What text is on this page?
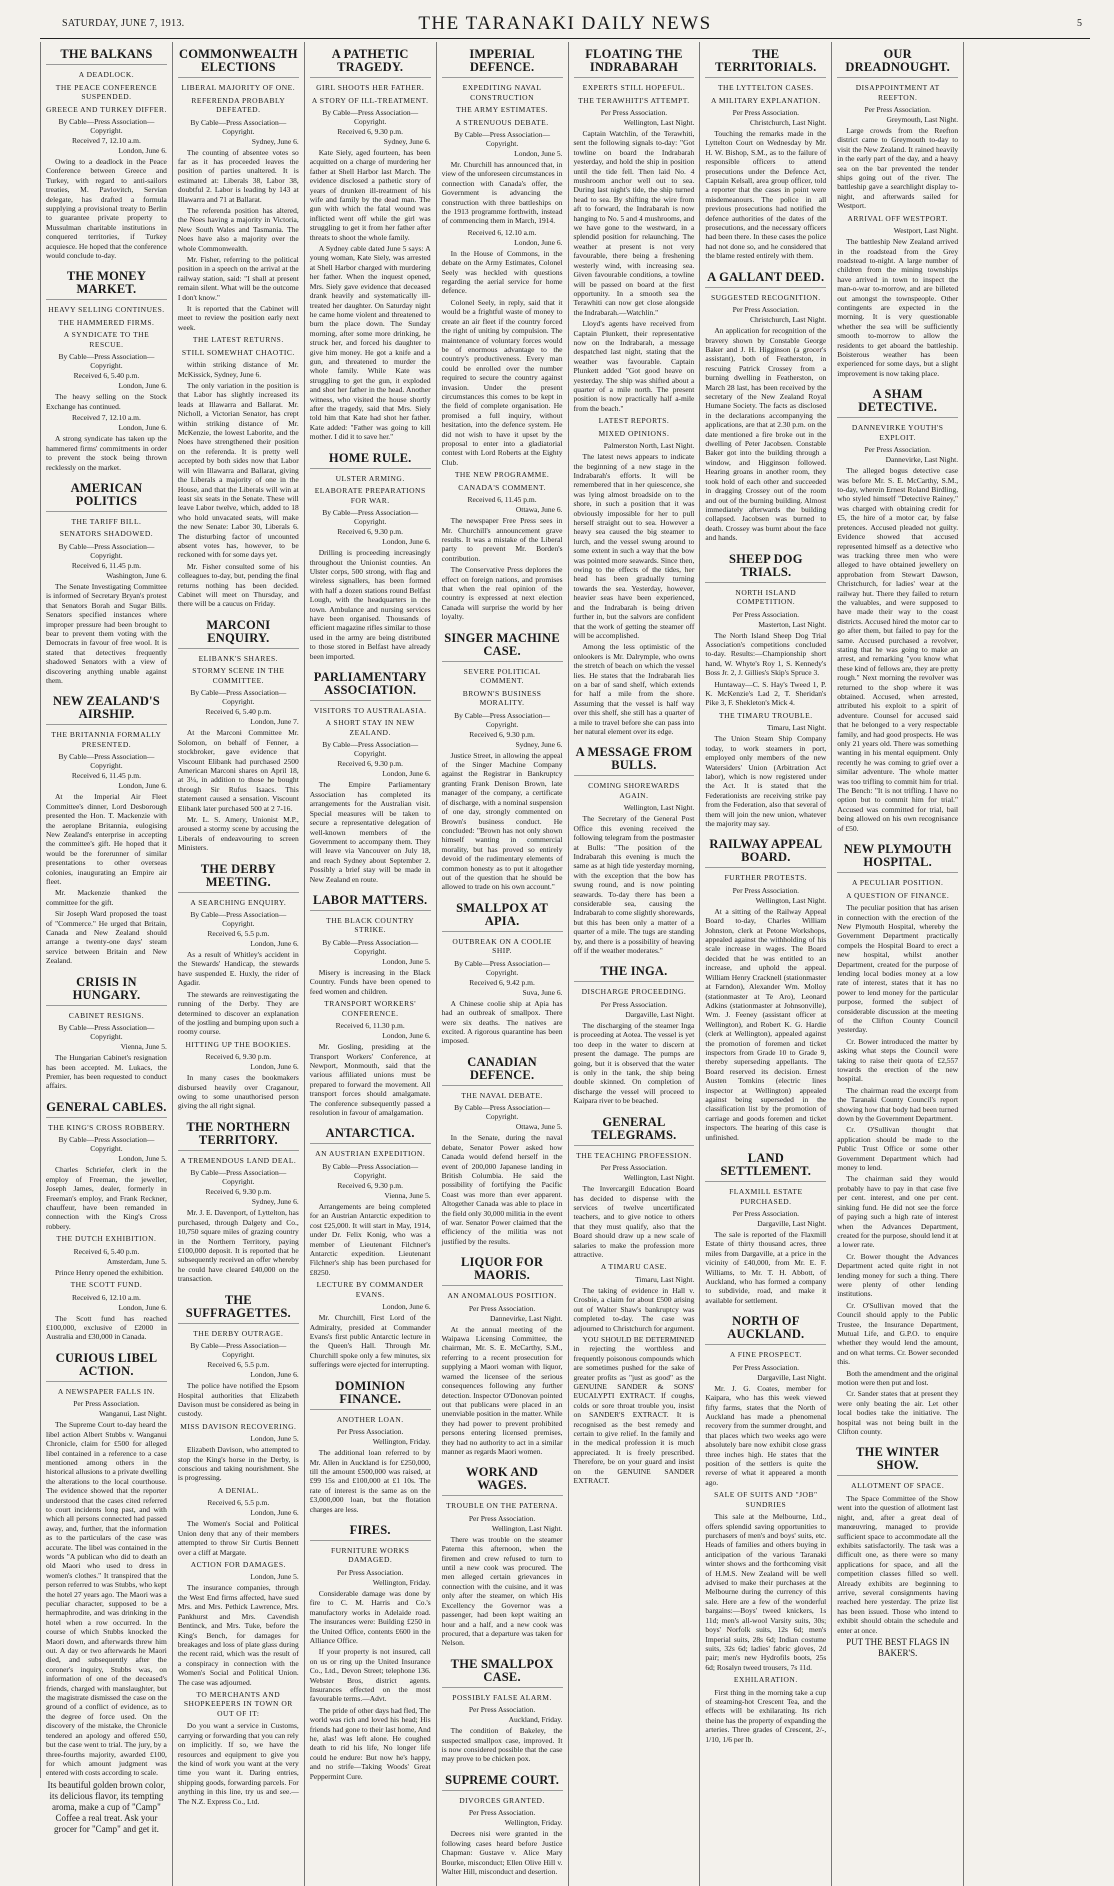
SATURDAY, JUNE 7, 1913.	THE TARANAKI DAILY NEWS	5
THE BALKANS
A DEADLOCK.
THE PEACE CONFERENCE SUSPENDED.
GREECE AND TURKEY DIFFER.
By Cable—Press Association—Copyright.
Received 7, 12.10 a.m.
London, June 6.
Owing to a deadlock in the Peace Conference between Greece and Turkey, with regard to anti-sailors treaties, M. Pavlovitch, Servian delegate, has drafted a formula supplying a provisional treaty to Berlin to guarantee private property to Mussulman charitable institutions in conquered territories, if Turkey acquiesce. He hoped that the conference would conclude to-day.
THE MONEY MARKET.
HEAVY SELLING CONTINUES.
THE HAMMERED FIRMS.
A SYNDICATE TO THE RESCUE.
By Cable—Press Association—Copyright.
Received 6, 5.40 p.m.
London, June 6.
The heavy selling on the Stock Exchange has continued.
Received 7, 12.10 a.m.
London, June 6.
A strong syndicate has taken up the hammered firms' commitments in order to prevent the stock being thrown recklessly on the market.
AMERICAN POLITICS
THE TARIFF BILL.
SENATORS SHADOWED.
By Cable—Press Association—Copyright.
Received 6, 11.45 p.m.
Washington, June 6.
The Senate Investigating Committee is informed of Secretary Bryan's protest that Senators Borah and Sugar Bills. Senators specified instances where improper pressure had been brought to bear to prevent them voting with the Democrats in favour of free wool. It is stated that detectives frequently shadowed Senators with a view of discovering anything unable against them.
NEW ZEALAND'S AIRSHIP.
THE BRITANNIA FORMALLY PRESENTED.
By Cable—Press Association—Copyright.
Received 6, 11.45 p.m.
London, June 6.
At the Imperial Air Fleet Committee's dinner, Lord Desborough presented the Hon. T. Mackenzie with the aeroplane Britannia, eulogising New Zealand's enterprise in accepting the committee's gift. He hoped that it would be the forerunner of similar presentations to other overseas colonies, inaugurating an Empire air fleet.
Mr. Mackenzie thanked the committee for the gift.
Sir Joseph Ward proposed the toast of "Commerce." He urged that Britain, Canada and New Zealand should arrange a twenty-one days' steam service between Britain and New Zealand.
CRISIS IN HUNGARY.
CABINET RESIGNS.
By Cable—Press Association—Copyright.
Vienna, June 5.
The Hungarian Cabinet's resignation has been accepted. M. Lukacs, the Premier, has been requested to conduct affairs.
GENERAL CABLES.
THE KING'S CROSS ROBBERY.
By Cable—Press Association—Copyright.
London, June 5.
Charles Schriefer, clerk in the employ of Freeman, the jeweller, Joseph James, dealer, formerly in Freeman's employ, and Frank Reckner, chauffeur, have been remanded in connection with the King's Cross robbery.
THE DUTCH EXHIBITION.
Received 6, 5.40 p.m.
Amsterdam, June 5.
Prince Henry opened the exhibition.
THE SCOTT FUND.
Received 6, 12.10 a.m.
London, June 6.
The Scott fund has reached £100,000, exclusive of £2000 in Australia and £30,000 in Canada.
CURIOUS LIBEL ACTION.
A NEWSPAPER FALLS IN.
Per Press Association.
Wanganui, Last Night.
The Supreme Court to-day heard the libel action Albert Stubbs v. Wanganui Chronicle, claim for £500 for alleged libel contained in a reference to a case mentioned among others in the historical allusions to a private dwelling the alterations to the local courthouse. The evidence showed that the reporter understood that the cases cited referred to court incidents long past, and with which all persons connected had passed away, and, further, that the information as to the particulars of the case was accurate. The libel was contained in the words "A publican who did to death an old Maori who used to dress in women's clothes." It transpired that the person referred to was Stubbs, who kept the hotel 27 years ago. The Maori was a peculiar character, supposed to be a hermaphrodite, and was drinking in the hotel when a row occurred. In the course of which Stubbs knocked the Maori down, and afterwards threw him out. A day or two afterwards he Maori died, and subsequently after the coroner's inquiry, Stubbs was, on information of one of the deceased's friends, charged with manslaughter, but the magistrate dismissed the case on the ground of a conflict of evidence, as to the degree of force used. On the discovery of the mistake, the Chronicle tendered an apology and offered £50, but the case went to trial. The jury, by a three-fourths majority, awarded £100, for which amount judgment was entered with costs according to scale.
Its beautiful golden brown color, its delicious flavor, its tempting aroma, make a cup of "Camp" Coffee a real treat. Ask your grocer for "Camp" and get it.
COMMONWEALTH ELECTIONS
LIBERAL MAJORITY OF ONE.
REFERENDA PROBABLY DEFEATED.
By Cable—Press Association—Copyright.
Sydney, June 6.
The counting of absentee votes so far as it has proceeded leaves the position of parties unaltered. It is estimated at: Liberals 38, Labor 38, doubtful 2. Labor is leading by 143 at Illawarra and 71 at Ballarat.
The referenda position has altered, the Noes having a majority in Victoria, New South Wales and Tasmania. The Noes have also a majority over the whole Commonwealth.
Mr. Fisher, referring to the political position in a speech on the arrival at the railway station, said: "I shall at present remain silent. What will be the outcome I don't know."
It is reported that the Cabinet will meet to review the position early next week.
THE LATEST RETURNS.
STILL SOMEWHAT CHAOTIC.
within striking distance of Mr. McKissick, Sydney, June 6.
The only variation in the position is that Labor has slightly increased its leads at Illawarra and Ballarat. Mr. Nicholl, a Victorian Senator, has crept within striking distance of Mr. McKenzie, the lowest Laborite, and the Noes have strengthened their position on the referenda. It is pretty well accepted by both sides now that Labor will win Illawarra and Ballarat, giving the Liberals a majority of one in the House, and that the Liberals will win at least six seats in the Senate. These will leave Labor twelve, which, added to 18 who hold unvacated seats, will make the new Senate: Labor 30, Liberals 6. The disturbing factor of uncounted absent votes has, however, to be reckoned with for some days yet.
Mr. Fisher consulted some of his colleagues to-day, but, pending the final returns nothing has been decided. Cabinet will meet on Thursday, and there will be a caucus on Friday.
MARCONI ENQUIRY.
ELIBANK'S SHARES.
STORMY SCENE IN THE COMMITTEE.
By Cable—Press Association—Copyright.
Received 6, 5.40 p.m.
London, June 7.
At the Marconi Committee Mr. Solomon, on behalf of Fenner, a stockbroker, gave evidence that Viscount Elibank had purchased 2500 American Marconi shares on April 18, at 3¼, in addition to those he bought through Sir Rufus Isaacs. This statement caused a sensation. Viscount Elibank later purchased 500 at 2 7-16.
Mr. L. S. Amery, Unionist M.P., aroused a stormy scene by accusing the Liberals of endeavouring to screen Ministers.
THE DERBY MEETING.
A SEARCHING ENQUIRY.
By Cable—Press Association—Copyright.
Received 6, 5.5 p.m.
London, June 6.
As a result of Whitley's accident in the Stewards' Handicap, the stewards have suspended E. Huxly, the rider of Agadir.
The stewards are reinvestigating the running of the Derby. They are determined to discover an explanation of the jostling and bumping upon such a roomy course.
HITTING UP THE BOOKIES.
Received 6, 9.30 p.m.
London, June 6.
In many cases the bookmakers disbursed heavily over Craganour, owing to some unauthorised person giving the all right signal.
THE NORTHERN TERRITORY.
A TREMENDOUS LAND DEAL.
By Cable—Press Association—Copyright.
Received 6, 9.30 p.m.
Sydney, June 6.
Mr. J. E. Davenport, of Lyttelton, has purchased, through Dalgety and Co., 10,750 square miles of grazing country in the Northern Territory, paying £100,000 deposit. It is reported that he subsequently received an offer whereby he could have cleared £40,000 on the transaction.
THE SUFFRAGETTES.
THE DERBY OUTRAGE.
By Cable—Press Association—Copyright.
Received 6, 5.5 p.m.
London, June 6.
The police have notified the Epsom Hospital authorities that Elizabeth Davison must be considered as being in custody.
MISS DAVISON RECOVERING.
London, June 5.
Elizabeth Davison, who attempted to stop the King's horse in the Derby, is conscious and taking nourishment. She is progressing.
A DENIAL.
Received 6, 5.5 p.m.
London, June 6.
The Women's Social and Political Union deny that any of their members attempted to throw Sir Curtis Bennett over a cliff at Margate.
ACTION FOR DAMAGES.
London, June 5.
The insurance companies, through the West End firms affected, have sued Mrs. and Mrs. Pethick Lawrence, Mrs. Pankhurst and Mrs. Cavendish Bentinck, and Mrs. Tuke, before the King's Bench, for damages for breakages and loss of plate glass during the recent raid, which was the result of a conspiracy in connection with the Women's Social and Political Union. The case was adjourned.
TO MERCHANTS AND SHOPKEEPERS IN TOWN OR OUT OF IT:
Do you want a service in Customs, carrying or forwarding that you can rely on implicitly. If so, we have the resources and equipment to give you the kind of work you want at the very time you want it. Daring entries, shipping goods, forwarding parcels. For anything in this line, try us and see.—The N.Z. Express Co., Ltd.
A PATHETIC TRAGEDY.
GIRL SHOOTS HER FATHER.
A STORY OF ILL-TREATMENT.
By Cable—Press Association—Copyright.
Received 6, 9.30 p.m.
Sydney, June 6.
Kate Siely, aged fourteen, has been acquitted on a charge of murdering her father at Shell Harbor last March. The evidence disclosed a pathetic story of years of drunken ill-treatment of his wife and family by the dead man. The gun with which the fatal wound was inflicted went off while the girl was struggling to get it from her father after threats to shoot the whole family.
A Sydney cable dated June 5 says: A young woman, Kate Siely, was arrested at Shell Harbor charged with murdering her father. When the inquest opened, Mrs. Siely gave evidence that deceased drank heavily and systematically ill-treated her daughter. On Saturday night he came home violent and threatened to burn the place down. The Sunday morning, after some more drinking, he struck her, and forced his daughter to give him money. He got a knife and a gun, and threatened to murder the whole family. While Kate was struggling to get the gun, it exploded and shot her father in the head. Another witness, who visited the house shortly after the tragedy, said that Mrs. Siely told him that Kate had shot her father. Kate added: "Father was going to kill mother. I did it to save her."
HOME RULE.
ULSTER ARMING.
ELABORATE PREPARATIONS FOR WAR.
By Cable—Press Association—Copyright.
Received 6, 9.30 p.m.
London, June 6.
Drilling is proceeding increasingly throughout the Unionist counties. An Ulster corps, 500 strong, with flag and wireless signallers, has been formed with half a dozen stations round Belfast Lough, with the headquarters in the town. Ambulance and nursing services have been organised. Thousands of efficient magazine rifles similar to those used in the army are being distributed to those stored in Belfast have already been imported.
PARLIAMENTARY ASSOCIATION.
VISITORS TO AUSTRALASIA.
A SHORT STAY IN NEW ZEALAND.
By Cable—Press Association—Copyright.
Received 6, 9.30 p.m.
London, June 6.
The Empire Parliamentary Association has completed its arrangements for the Australian visit. Special measures will be taken to secure a representative delegation of well-known members of the Government to accompany them. They will leave via Vancouver on July 18, and reach Sydney about September 2. Possibly a brief stay will be made in New Zealand en route.
LABOR MATTERS.
THE BLACK COUNTRY STRIKE.
By Cable—Press Association—Copyright.
London, June 5.
Misery is increasing in the Black Country. Funds have been opened to feed women and children.
TRANSPORT WORKERS' CONFERENCE.
Received 6, 11.30 p.m.
London, June 6.
Mr. Gosling, presiding at the Transport Workers' Conference, at Newport, Monmouth, said that the various affiliated unions must be prepared to forward the movement. All transport forces should amalgamate. The conference subsequently passed a resolution in favour of amalgamation.
ANTARCTICA.
AN AUSTRIAN EXPEDITION.
By Cable—Press Association—Copyright.
Received 6, 9.30 p.m.
Vienna, June 5.
Arrangements are being completed for an Austrian Antarctic expedition to cost £25,000. It will start in May, 1914, under Dr. Felix Konig, who was a member of Lieutenant Filchner's Antarctic expedition. Lieutenant Filchner's ship has been purchased for £8250.
LECTURE BY COMMANDER EVANS.
London, June 6.
Mr. Churchill, First Lord of the Admiralty, presided at Commander Evans's first public Antarctic lecture in the Queen's Hall. Through Mr. Churchill spoke only a few minutes, six sufferings were ejected for interrupting.
DOMINION FINANCE.
ANOTHER LOAN.
Per Press Association.
Wellington, Friday.
The additional loan referred to by Mr. Allen in Auckland is for £250,000, till the amount £500,000 was raised, at £99 15s and £100,000 at £1 10s. The rate of interest is the same as on the £3,000,000 loan, but the flotation charges are less.
FIRES.
FURNITURE WORKS DAMAGED.
Per Press Association.
Wellington, Friday.
Considerable damage was done by fire to C. M. Harris and Co.'s manufactory works in Adelaide road. The insurances were: Building £250 in the United Office, contents £600 in the Alliance Office.
If your property is not insured, call on us or ring up the United Insurance Co., Ltd., Devon Street; telephone 136. Webster Bros, district agents. Insurances effected on the most favourable terms.—Advt.
The pride of other days had fled, The world was rich and loved his head; His friends had gone to their last home, And he, alas! was left alone. He coughed death to rid his life, No longer life could he endure: But now he's happy, and no strife—Taking Woods' Great Peppermint Cure.
IMPERIAL DEFENCE.
EXPEDITING NAVAL CONSTRUCTION
THE ARMY ESTIMATES.
A STRENUOUS DEBATE.
By Cable—Press Association—Copyright.
London, June 5.
Mr. Churchill has announced that, in view of the unforeseen circumstances in connection with Canada's offer, the Government is advancing the construction with three battleships on the 1913 programme forthwith, instead of commencing them in March, 1914.
Received 6, 12.10 a.m.
London, June 6.
In the House of Commons, in the debate on the Army Estimates, Colonel Seely was heckled with questions regarding the aerial service for home defence.
Colonel Seely, in reply, said that it would be a frightful waste of money to create an air fleet if the country forced the right of uniting by compulsion. The maintenance of voluntary forces would be of enormous advantage to the country's productiveness. Every man could be enrolled over the number required to secure the country against invasion. Under the present circumstances this comes to be kept in the field of complete organisation. He promised a full inquiry, without hesitation, into the defence system. He did not wish to have it upset by the proposal to enter into a gladiatorial contest with Lord Roberts at the Eighty Club.
THE NEW PROGRAMME.
CANADA'S COMMENT.
Received 6, 11.45 p.m.
Ottawa, June 6.
The newspaper Free Press sees in Mr. Churchill's announcement grave results. It was a mistake of the Liberal party to prevent Mr. Borden's contribution.
The Conservative Press deplores the effect on foreign nations, and promises that when the real opinion of the country is expressed at next election Canada will surprise the world by her loyalty.
SINGER MACHINE CASE.
SEVERE POLITICAL COMMENT.
BROWN'S BUSINESS MORALITY.
By Cable—Press Association—Copyright.
Received 6, 9.30 p.m.
Sydney, June 6.
Justice Street, in allowing the appeal of the Singer Machine Company against the Registrar in Bankruptcy granting Frank Denison Brown, late manager of the company, a certificate of discharge, with a nominal suspension of one day, strongly commented on Brown's business conduct. He concluded: "Brown has not only shown himself wanting in commercial morality, but has proved so entirely devoid of the rudimentary elements of common honesty as to put it altogether out of the question that he should be allowed to trade on his own account."
SMALLPOX AT APIA.
OUTBREAK ON A COOLIE SHIP.
By Cable—Press Association—Copyright.
Received 6, 9.42 p.m.
Suva, June 6.
A Chinese coolie ship at Apia has had an outbreak of smallpox. There were six deaths. The natives are excited. A rigorous quarantine has been imposed.
CANADIAN DEFENCE.
THE NAVAL DEBATE.
By Cable—Press Association—Copyright.
Ottawa, June 5.
In the Senate, during the naval debate, Senator Power asked how Canada would defend herself in the event of 200,000 Japanese landing in British Columbia. He said the possibility of fortifying the Pacific Coast was more than ever apparent. Altogether Canada was able to place in the field only 30,000 militia in the event of war. Senator Power claimed that the efficiency of the militia was not justified by the results.
LIQUOR FOR MAORIS.
AN ANOMALOUS POSITION.
Per Press Association.
Dannevirke, Last Night.
At the annual meeting of the Waipawa Licensing Committee, the chairman, Mr. S. E. McCarthy, S.M., referring to a recent prosecution for supplying a Maori woman with liquor, warned the licensee of the serious consequences following any further detection. Inspector O'Donovan pointed out that publicans were placed in an unenviable position in the matter. While they had power to prevent prohibited persons entering licensed premises, they had no authority to act in a similar manner as regards Maori women.
WORK AND WAGES.
TROUBLE ON THE PATERNA.
Per Press Association.
Wellington, Last Night.
There was trouble on the steamer Paterna this afternoon, when the firemen and crew refused to turn to until a new cook was procured. The men alleged certain grievances in connection with the cuisine, and it was only after the steamer, on which His Excellency the Governor was a passenger, had been kept waiting an hour and a half, and a new cook was procured, that a departure was taken for Nelson.
THE SMALLPOX CASE.
POSSIBLY FALSE ALARM.
Per Press Association.
Auckland, Friday.
The condition of Bakeley, the suspected smallpox case, improved. It is now considered possible that the case may prove to be chicken pox.
SUPREME COURT.
DIVORCES GRANTED.
Per Press Association.
Wellington, Friday.
Decrees nisi were granted in the following cases heard before Justice Chapman: Gustave v. Alice Mary Bourke, misconduct; Ellen Olive Hill v. Walter Hill, misconduct and desertion.
FLOATING THE INDRABARAH
EXPERTS STILL HOPEFUL.
THE TERAWHITI'S ATTEMPT.
Per Press Association.
Wellington, Last Night.
Captain Watchlin, of the Terawhiti, sent the following signals to-day: "Got towline on board the Indrabarah yesterday, and hold the ship in position until the tide fell. Then laid No. 4 mushroom anchor well out to sea. During last night's tide, the ship turned head to sea. By shifting the wire from aft to forward, the Indrabarah is now hanging to No. 5 and 4 mushrooms, and we have gone to the westward, in a splendid position for relaunching. The weather at present is not very favourable, there being a freshening westerly wind, with increasing sea. Given favourable conditions, a towline will be passed on board at the first opportunity. In a smooth sea the Terawhiti can now get close alongside the Indrabarah.—Watchlin."
Lloyd's agents have received from Captain Plunkett, their representative now on the Indrabarah, a message despatched last night, stating that the weather was favourable. Captain Plunkett added "Got good heave on yesterday. The ship was shifted about a quarter of a mile north. The present position is now practically half a-mile from the beach."
LATEST REPORTS.
MIXED OPINIONS.
Palmerston North, Last Night.
The latest news appears to indicate the beginning of a new stage in the Indrabarah's efforts. It will be remembered that in her quiescence, she was lying almost broadside on to the shore, in such a position that it was obviously impossible for her to pull herself straight out to sea. However a heavy sea caused the big steamer to lurch, and the vessel swung around to some extent in such a way that the bow was pointed more seawards. Since then, owing to the effects of the tides, her head has been gradually turning towards the sea. Yesterday, however, heavier seas have been experienced, and the Indrabarah is being driven further in, but the salvors are confident that the work of getting the steamer off will be accomplished.
Among the less optimistic of the onlookers is Mr. Dalrymple, who owns the stretch of beach on which the vessel lies. He states that the Indrabarah lies on a bar of sand shelf, which extends for half a mile from the shore. Assuming that the vessel is half way over this shelf, she still has a quarter of a mile to travel before she can pass into her natural element over its edge.
A MESSAGE FROM BULLS.
COMING SHOREWARDS AGAIN.
Wellington, Last Night.
The Secretary of the General Post Office this evening received the following telegram from the postmaster at Bulls: "The position of the Indrabarah this evening is much the same as at high tide yesterday morning, with the exception that the bow has swung round, and is now pointing seawards. To-day there has been a considerable sea, causing the Indrabarah to come slightly shorewards, but this has been only a matter of a quarter of a mile. The tugs are standing by, and there is a possibility of heaving off if the weather moderates."
THE INGA.
DISCHARGE PROCEEDING.
Per Press Association.
Dargaville, Last Night.
The discharging of the steamer Inga is proceeding at Aotea. The vessel is yet too deep in the water to discern at present the damage. The pumps are going, but it is observed that the water is only in the tank, the ship being double skinned. On completion of discharge the vessel will proceed to Kaipara river to be beached.
GENERAL TELEGRAMS.
THE TEACHING PROFESSION.
Per Press Association.
Wellington, Last Night.
The Invercargill Education Board has decided to dispense with the services of twelve uncertificated teachers, and to give notice to others that they must qualify, also that the Board should draw up a new scale of salaries to make the profession more attractive.
A TIMARU CASE.
Timaru, Last Night.
The taking of evidence in Hall v. Crosbie, a claim for about £500 arising out of Walter Shaw's bankruptcy was completed to-day. The case was adjourned to Christchurch for argument.
YOU SHOULD BE DETERMINED in rejecting the worthless and frequently poisonous compounds which are sometimes pushed for the sake of greater profits as "just as good" as the GENUINE SANDER & SONS' EUCALYPTI EXTRACT. If coughs, colds or sore throat trouble you, insist on SANDER'S EXTRACT. It is recognised as the best remedy and certain to give relief. In the family and in the medical profession it is much appreciated. It is freely prescribed. Therefore, be on your guard and insist on the GENUINE SANDER EXTRACT.
THE TERRITORIALS.
THE LYTTELTON CASES.
A MILITARY EXPLANATION.
Per Press Association.
Christchurch, Last Night.
Touching the remarks made in the Lyttelton Court on Wednesday by Mr. H. W. Bishop, S.M., as to the failure of responsible officers to attend prosecutions under the Defence Act, Captain Kelsall, area group officer, told a reporter that the cases in point were misdemeanours. The police in all previous prosecutions had notified the defence authorities of the dates of the prosecutions, and the necessary officers had been there. In these cases the police had not done so, and he considered that the blame rested entirely with them.
A GALLANT DEED.
SUGGESTED RECOGNITION.
Per Press Association.
Christchurch, Last Night.
An application for recognition of the bravery shown by Constable George Baker and J. H. Higginson (a grocer's assistant), both of Featherston, in rescuing Patrick Crossey from a burning dwelling in Featherston, on March 28 last, has been received by the secretary of the New Zealand Royal Humane Society. The facts as disclosed in the declarations accompanying the applications, are that at 2.30 p.m. on the date mentioned a fire broke out in the dwelling of Peter Jacobsen. Constable Baker got into the building through a window, and Higginson followed. Hearing groans in another room, they took hold of each other and succeeded in dragging Crossey out of the room and out of the burning building. Almost immediately afterwards the building collapsed. Jacobsen was burned to death. Crossey was burnt about the face and hands.
SHEEP DOG TRIALS.
NORTH ISLAND COMPETITION.
Per Press Association.
Masterton, Last Night.
The North Island Sheep Dog Trial Association's competitions concluded to-day. Results:—Championship short hand, W. Whyte's Roy 1, S. Kennedy's Boss Jr. 2, J. Gillies's Skip's Spruce 3.
Huntaway—C. S. Hay's Tweed 1, P. K. McKenzie's Lad 2, T. Sheridan's Pike 3, F. Shekleton's Mick 4.
THE TIMARU TROUBLE.
Timaru, Last Night.
The Union Steam Ship Company today, to work steamers in port, employed only members of the new Watersiders' Union (Arbitration Act labor), which is now registered under the Act. It is stated that the Federationists are receiving strike pay from the Federation, also that several of them will join the new union, whatever the majority may say.
RAILWAY APPEAL BOARD.
FURTHER PROTESTS.
Per Press Association.
Wellington, Last Night.
At a sitting of the Railway Appeal Board to-day, Charles William Johnston, clerk at Petone Workshops, appealed against the withholding of his scale increase in wages. The Board decided that he was entitled to an increase, and uphold the appeal. William Henry Cracknell (stationmaster at Farndon), Alexander Wm. Molloy (stationmaster at Te Aro), Leonard Adkins (stationmaster at Johnsonville), Wm. J. Feeney (assistant officer at Wellington), and Robert K. G. Hardie (clerk at Wellington), appealed against the promotion of foremen and ticket inspectors from Grade 10 to Grade 9, thereby superseding appellants. The Board reserved its decision. Ernest Austen Tomkins (electric lines inspector at Wellington) appealed against being superseded in the classification list by the promotion of carriage and goods foremen and ticket inspectors. The hearing of this case is unfinished.
LAND SETTLEMENT.
FLAXMILL ESTATE PURCHASED.
Per Press Association.
Dargaville, Last Night.
The sale is reported of the Flaxmill Estate of thirty thousand acres, three miles from Dargaville, at a price in the vicinity of £40,000, from Mr. E. F. Williams, to Mr. T. H. Abbott, of Auckland, who has formed a company to subdivide, road, and make it available for settlement.
NORTH OF AUCKLAND.
A FINE PROSPECT.
Per Press Association.
Dargaville, Last Night.
Mr. J. G. Coates, member for Kaipara, who has this week viewed fifty farms, states that the North of Auckland has made a phenomenal recovery from the summer drought, and that places which two weeks ago were absolutely bare now exhibit close grass three inches high. He states that the position of the settlers is quite the reverse of what it appeared a month ago.
SALE OF SUITS AND "JOB" SUNDRIES
This sale at the Melbourne, Ltd., offers splendid saving opportunities to purchasers of men's and boys' suits, etc. Heads of families and others buying in anticipation of the various Taranaki winter shows and the forthcoming visit of H.M.S. New Zealand will be well advised to make their purchases at the Melbourne during the currency of this sale. Here are a few of the wonderful bargains:—Boys' tweed knickers, 1s 11d; men's all-wool Varsity suits, 30s; boys' Norfolk suits, 12s 6d; men's Imperial suits, 28s 6d; Indian costume suits, 32s 6d; ladies' fabric gloves, 2d pair; men's new Hydrofils boots, 25s 6d; Rosalyn tweed trousers, 7s 11d.
EXHILARATION.
First thing in the morning take a cup of steaming-hot Crescent Tea, and the effects will be exhilarating. Its rich theine has the property of expanding the arteries. Three grades of Crescent, 2/-, 1/10, 1/6 per lb.
OUR DREADNOUGHT.
DISAPPOINTMENT AT REEFTON.
Per Press Association.
Greymouth, Last Night.
Large crowds from the Reefton district came to Greymouth to-day to visit the New Zealand. It rained heavily in the early part of the day, and a heavy sea on the bar prevented the tender ships going out of the river. The battleship gave a searchlight display to-night, and afterwards sailed for Westport.
ARRIVAL OFF WESTPORT.
Westport, Last Night.
The battleship New Zealand arrived in the roadstead from the Grey roadstead to-night. A large number of children from the mining townships have arrived in town to inspect the man-o-war to-morrow, and are billeted out amongst the townspeople. Other contingents are expected in the morning. It is very questionable whether the sea will be sufficiently smooth to-morrow to allow the residents to get aboard the battleship. Boisterous weather has been experienced for some days, but a slight improvement is now taking place.
A SHAM DETECTIVE.
DANNEVIRKE YOUTH'S EXPLOIT.
Per Press Association.
Dannevirke, Last Night.
The alleged bogus detective case was before Mr. S. E. McCarthy, S.M., to-day, wherein Ernest Roland Birdling, who styled himself "Detective Rainey," was charged with obtaining credit for £5, the hire of a motor car, by false pretences. Accused pleaded not guilty. Evidence showed that accused represented himself as a detective who was tracking three men who were alleged to have obtained jewellery on approbation from Stewart Dawson, Christchurch, for ladies' wear at the railway hut. There they failed to return the valuables, and were supposed to have made their way to the coast districts. Accused hired the motor car to go after them, but failed to pay for the same. Accused purchased a revolver, stating that he was going to make an arrest, and remarking "you know what these kind of fellows are, they are pretty rough." Next morning the revolver was returned to the shop where it was obtained. Accused, when arrested, attributed his exploit to a spirit of adventure. Counsel for accused said that he belonged to a very respectable family, and had good prospects. He was only 21 years old. There was something wanting in his mental equipment. Only recently he was coming to grief over a similar adventure. The whole matter was too trifling to commit him for trial. The Bench: "It is not trifling. I have no option but to commit him for trial." Accused was committed for trial, bail being allowed on his own recognisance of £50.
NEW PLYMOUTH HOSPITAL.
A PECULIAR POSITION.
A QUESTION OF FINANCE.
The peculiar position that has arisen in connection with the erection of the New Plymouth Hospital, whereby the Government Department practically compels the Hospital Board to erect a new hospital, whilst another Department, created for the purpose of lending local bodies money at a low rate of interest, states that it has no power to lend money for the particular purpose, formed the subject of considerable discussion at the meeting of the Clifton County Council yesterday.
Cr. Bower introduced the matter by asking what steps the Council were taking to raise their quota of £2,557 towards the erection of the new hospital.
The chairman read the excerpt from the Taranaki County Council's report showing how that body had been turned down by the Government Department.
Cr. O'Sullivan thought that application should be made to the Public Trust Office or some other Government Department which had money to lend.
The chairman said they would probably have to pay in that case five per cent. interest, and one per cent. sinking fund. He did not see the force of paying such a high rate of interest when the Advances Department, created for the purpose, should lend it at a lower rate.
Cr. Bower thought the Advances Department acted quite right in not lending money for such a thing. There were plenty of other lending institutions.
Cr. O'Sullivan moved that the Council should apply to the Public Trustee, the Insurance Department, Mutual Life, and G.P.O. to enquire whether they would lend the amount, and on what terms. Cr. Bower seconded this.
Both the amendment and the original motion were then put and lost.
Cr. Sander states that at present they were only beating the air. Let other local bodies take the initiative. The hospital was not being built in the Clifton county.
THE WINTER SHOW.
ALLOTMENT OF SPACE.
The Space Committee of the Show went into the question of allotment last night, and, after a great deal of manœuvring, managed to provide sufficient space to accommodate all the exhibits satisfactorily. The task was a difficult one, as there were so many applications for space, and all the competition classes filled so well. Already exhibits are beginning to arrive, several consignments having reached here yesterday. The prize list has been issued. Those who intend to exhibit should obtain the schedule and enter at once.
PUT THE BEST FLAGS IN BAKER'S.
